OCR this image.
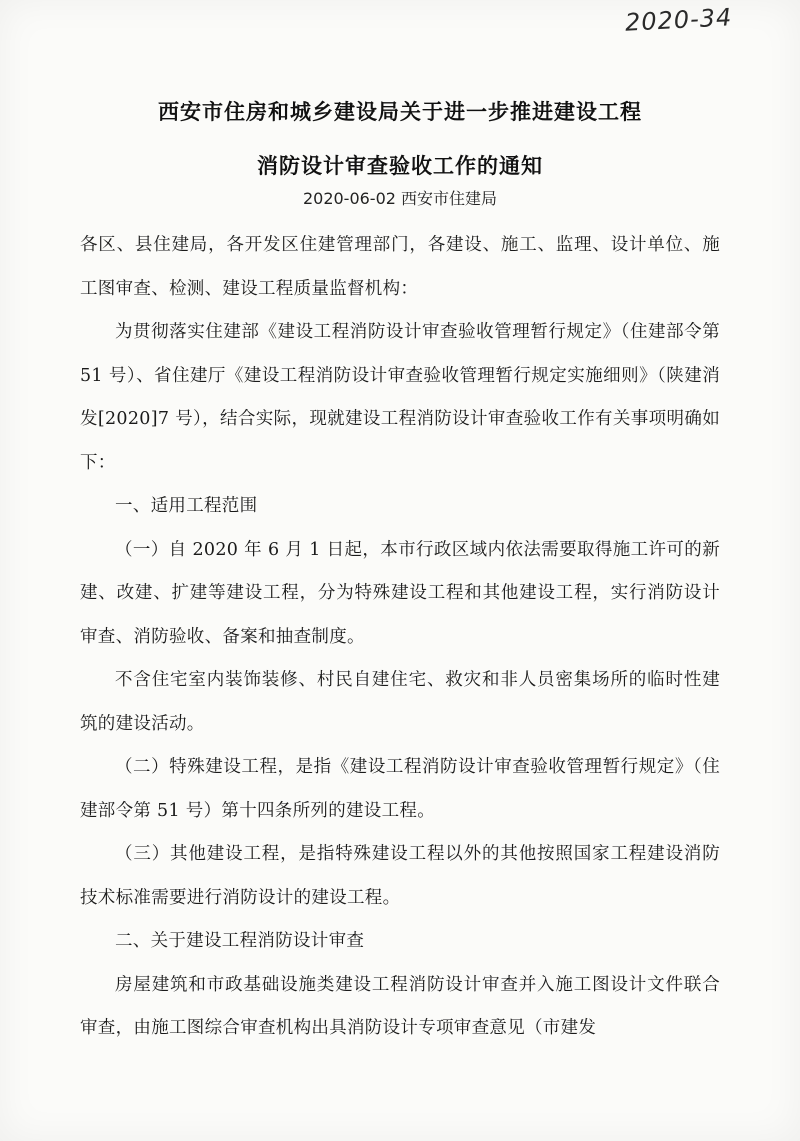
2020-34
西安市住房和城乡建设局关于进一步推进建设工程
消防设计审查验收工作的通知
2020-06-02 西安市住建局

各区、县住建局，各开发区住建管理部门，各建设、施工、监理、设计单位、施工图审查、检测、建设工程质量监督机构：

为贯彻落实住建部《建设工程消防设计审查验收管理暂行规定》（住建部令第 51 号）、省住建厅《建设工程消防设计审查验收管理暂行规定实施细则》（陕建消发[2020]7 号），结合实际，现就建设工程消防设计审查验收工作有关事项明确如下：

一、适用工程范围

（一）自 2020 年 6 月 1 日起，本市行政区域内依法需要取得施工许可的新建、改建、扩建等建设工程，分为特殊建设工程和其他建设工程，实行消防设计审查、消防验收、备案和抽查制度。

不含住宅室内装饰装修、村民自建住宅、救灾和非人员密集场所的临时性建筑的建设活动。

（二）特殊建设工程，是指《建设工程消防设计审查验收管理暂行规定》（住建部令第 51 号）第十四条所列的建设工程。

（三）其他建设工程，是指特殊建设工程以外的其他按照国家工程建设消防技术标准需要进行消防设计的建设工程。

二、关于建设工程消防设计审查

房屋建筑和市政基础设施类建设工程消防设计审查并入施工图设计文件联合审查，由施工图综合审查机构出具消防设计专项审查意见（市建发
